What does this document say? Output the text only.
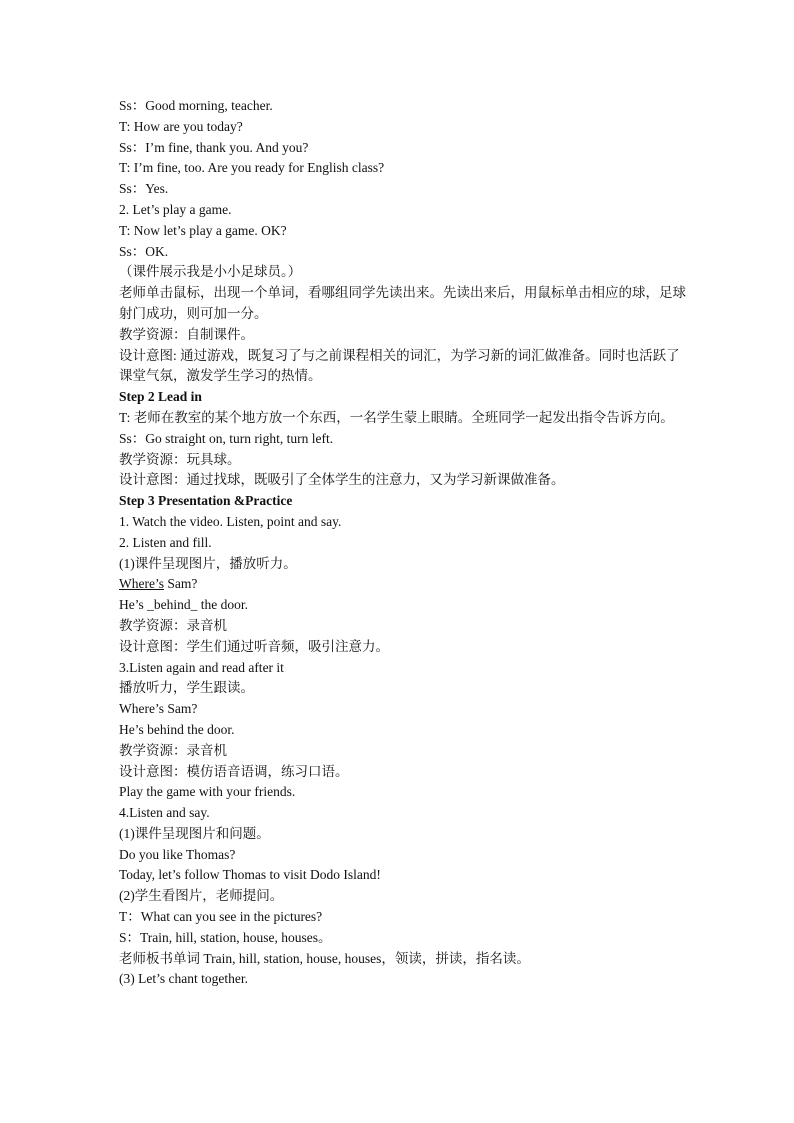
Ss：Good morning, teacher.
T: How are you today?
Ss：I’m fine, thank you. And you?
T: I’m fine, too. Are you ready for English class?
Ss：Yes.
2. Let’s play a game.
T: Now let’s play a game. OK?
Ss：OK.
（课件展示我是小小足球员。）
老师单击鼠标，出现一个单词，看哪组同学先读出来。先读出来后，用鼠标单击相应的球，足球射门成功，则可加一分。
教学资源：自制课件。
设计意图: 通过游戏，既复习了与之前课程相关的词汇，为学习新的词汇做准备。同时也活跃了课堂气氛，激发学生学习的热情。
Step 2 Lead in
T: 老师在教室的某个地方放一个东西，一名学生蒙上眼睛。全班同学一起发出指令告诉方向。
Ss：Go straight on, turn right, turn left.
教学资源：玩具球。
设计意图：通过找球，既吸引了全体学生的注意力，又为学习新课做准备。
Step 3 Presentation &Practice
1. Watch the video. Listen, point and say.
2. Listen and fill.
(1)课件呈现图片，播放听力。
Where’s Sam?
He’s _behind_ the door.
教学资源：录音机
设计意图：学生们通过听音频，吸引注意力。
3.Listen again and read after it
播放听力，学生跟读。
Where’s Sam?
He’s behind the door.
教学资源：录音机
设计意图：模仿语音语调，练习口语。
Play the game with your friends.
4.Listen and say.
(1)课件呈现图片和问题。
Do you like Thomas?
Today, let’s follow Thomas to visit Dodo Island!
(2)学生看图片，老师提问。
T：What can you see in the pictures?
S：Train, hill, station, house, houses。
老师板书单词 Train, hill, station, house, houses，领读，拼读，指名读。
(3) Let’s chant together.
